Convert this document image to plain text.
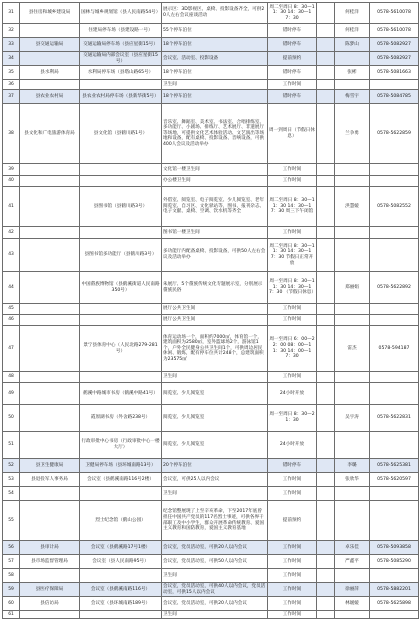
31	县住房和城乡建设局	国林与城乡规划馆（县人民南路54号）	展示区：3D影视区、桌椅、投影设备齐全，可供20人左右会议座谈活动	周二至周日 8：30—11：30 14：30—17：30		何桂洋	0578-5610078
32		住建局停车场（县建设路一号）	55个停车泊位	错时停车		何桂洋	0578-5610078
33	县交通运输局	交通运输局停车场（县应星街15号）	18个停车泊位	错时停车		陈梦山	0578-5082927
34		交通运输局内部会议室（县应星街15号）	会议室、活动室、投影设备	提前预约			0578-5082927
35	县水利局	水利局停车场（县塔山路65号）	18个停车泊位	错时停车		张彬	0578-5081663
36			卫生间	工作时间			
37	县农业农村局	县农业农村局停车场（县新华街5号）	18个停车泊位	错时停车		梅雪宇	0578-5084785
38	县文化和广电旅游体育局	县文化馆（县鹤川路1号）	音乐室、舞蹈室、美术室、书法室、合唱排练室、多功能厅、小剧场、排练厅、艺术展厅、非遗展厅等场地，可提供文化艺术体验活动、文艺演出等场地和设备，配有桌椅、投影设备、音响设备，可供400人会议及活动举办	周一到周日（节假日休息）		兰争勇	0578-5622859
39			文化馆一楼卫生间	工作时间			
40			办公楼卫生间	工作时间			
41		县图书馆（县鹤川路3号）	外借室、阅览室、电子阅览室、少儿阅览室、老年阅览室、自习区、文化驿站等，图书、报刊杂志、电子文献、桌椅、空调、饮水机等齐全	周二至周日 8：30—11：30 14：30—17：30 周三下午闭馆		洪慧媛	0578-5082552
42			图书馆一楼卫生间	工作时间			
43		县图书馆多功能厅（县鹤川路3号）	多功能厅内配备桌椅、投影设备，可供50人左右会议及活动举办	周二至周日 8：30—11：30 14：30—17：30 节假日正常开放			
44		中国畲族博物馆（县鹤溪街道人民南路350号）	朱展厅、5个畲族传统文化专题展示室，分别展示畲族民俗	周一至周日 8：30—11：30 14：30—17：30 （节假日休息）		郑丽娟	0578-5622892
45			展厅公共卫生间	工作时间			
46			展厅公共卫生间	工作时间			
47		景宁县体育中心（人民北路279-281号）	体育运动场一个，面积约7000㎡，体育馆一个，建筑面积为2580㎡，室外篮球场2个，游泳馆1个，户外全民健身公共卫生间1个，可供周边居民休闲、锻炼，配有停车位共计248个，总建筑面积为23575㎡	周一至周日 6：00—22：00 08：00—11：30 14：00—17：30		雷杰	0578-594187
48			卫生间	工作时间			
49		鹤溪中路城市书房（鹤溪中路41号）	阅览室、少儿阅览室	24小时开放			
50		霞原湖书房（外舍路238号）	阅览室、少儿阅览室	周一至周日 8：30—21：30		吴宇涛	0578-5622831
51		行政审批中心书房（行政审批中心一楼大厅）	阅览室、少儿阅览室	24小时开放			
52	县卫生健康局	卫健局停车场（县环城南路13号）	20个停车泊位	错时停车		李璐	0578-5625381
53	县退役军人事务局	会议室（县鹤溪南路116号2楼）	会议室，可供25人以内会议	工作时间		张欣华	0578-5620597
54			卫生间	工作时间			
55		烈士纪念馆（鹤山公园）	纪念馆整展现了上至辛亥革命，下至2017年底曾担任中国共产党员的117名烈士事迹，可供各界干部职工及中小学生，群众开展革命传统教育、爱国主义教育和国防教育，爱国主义教育基地	提前预约			
56	县审计局	会议室（县鹤溪路17号1楼）	会议室，党员活动室，可供20人以内会议	工作时间		卓乐佳	0578-5093858
57	县市场监督管理局	会议室（县人民南路95号）	会议室，党员活动室，可供50人以内会议	工作时间		严鑫平	0578-5085290
58			卫生间	工作时间			
59	县医疗保障局	会议室（县鹤溪南路116号）	会议室，党员活动室，可供40人以内会议，党员活动室，可供15人以内会议	工作时间		徐丽萍	0578-5882201
60	县信访局	会议室（县环城南路189号）	会议室、党员活动室，可供20人以内会议	工作时间		林媛媛	0578-5625898
61			卫生间	工作时间			
